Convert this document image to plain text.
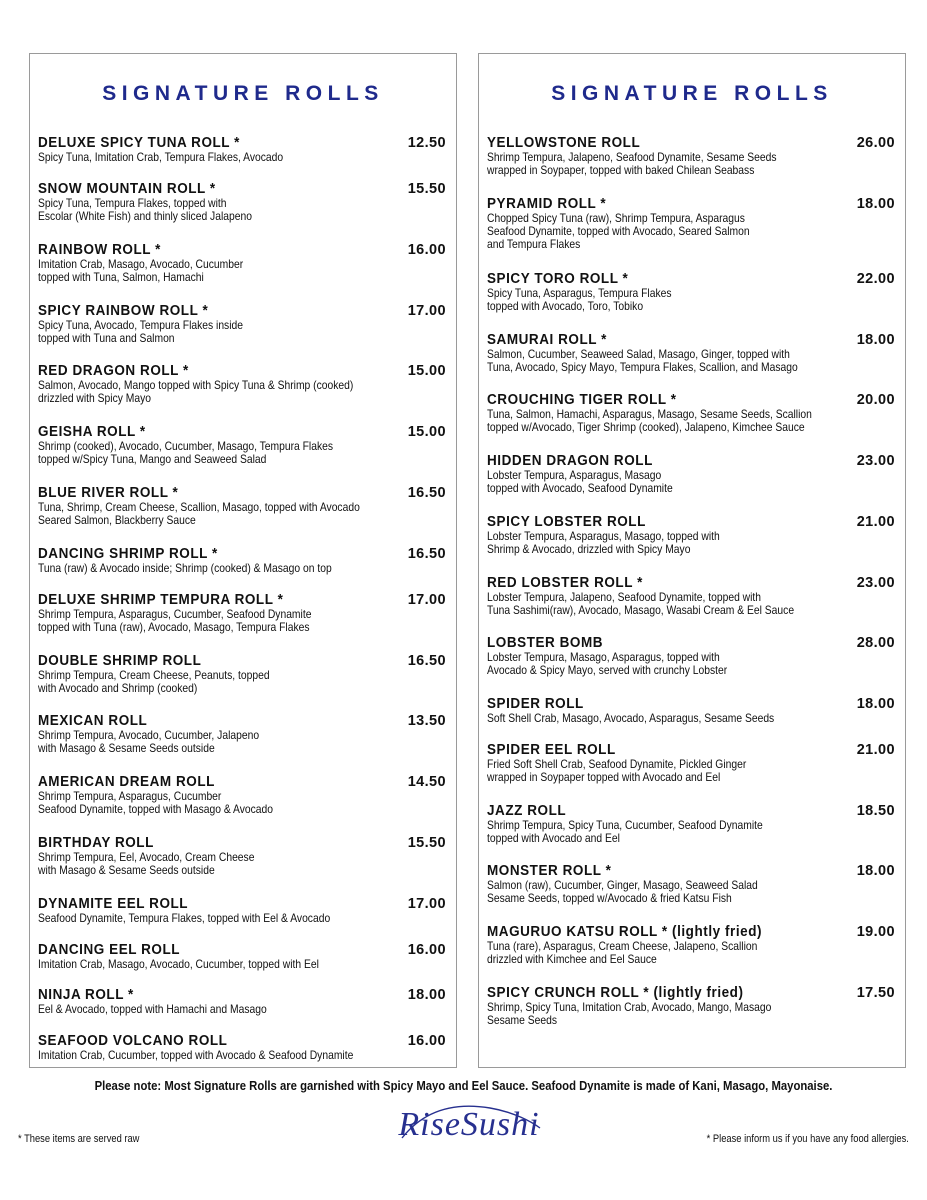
SIGNATURE ROLLS
DELUXE SPICY TUNA ROLL *	12.50
Spicy Tuna, Imitation Crab, Tempura Flakes, Avocado
SNOW MOUNTAIN ROLL *	15.50
Spicy Tuna, Tempura Flakes, topped with
Escolar (White Fish) and thinly sliced Jalapeno
RAINBOW ROLL *	16.00
Imitation Crab, Masago, Avocado, Cucumber
topped with Tuna, Salmon, Hamachi
SPICY RAINBOW ROLL *	17.00
Spicy Tuna, Avocado, Tempura Flakes inside
topped with Tuna and Salmon
RED DRAGON ROLL *	15.00
Salmon, Avocado, Mango topped with Spicy Tuna & Shrimp (cooked)
drizzled with Spicy Mayo
GEISHA ROLL *	15.00
Shrimp (cooked), Avocado, Cucumber, Masago, Tempura Flakes
topped w/Spicy Tuna, Mango and Seaweed Salad
BLUE RIVER ROLL *	16.50
Tuna, Shrimp, Cream Cheese, Scallion, Masago, topped with Avocado
Seared Salmon, Blackberry Sauce
DANCING SHRIMP ROLL *	16.50
Tuna (raw) & Avocado inside; Shrimp (cooked) & Masago on top
DELUXE SHRIMP TEMPURA ROLL *	17.00
Shrimp Tempura, Asparagus, Cucumber, Seafood Dynamite
topped with Tuna (raw), Avocado, Masago, Tempura Flakes
DOUBLE SHRIMP ROLL	16.50
Shrimp Tempura, Cream Cheese, Peanuts, topped
with Avocado and Shrimp (cooked)
MEXICAN ROLL	13.50
Shrimp Tempura, Avocado, Cucumber, Jalapeno
with Masago & Sesame Seeds outside
AMERICAN DREAM ROLL	14.50
Shrimp Tempura, Asparagus, Cucumber
Seafood Dynamite, topped with Masago & Avocado
BIRTHDAY ROLL	15.50
Shrimp Tempura, Eel, Avocado, Cream Cheese
with Masago & Sesame Seeds outside
DYNAMITE EEL ROLL	17.00
Seafood Dynamite, Tempura Flakes, topped with Eel & Avocado
DANCING EEL ROLL	16.00
Imitation Crab, Masago, Avocado, Cucumber, topped with Eel
NINJA ROLL *	18.00
Eel & Avocado, topped with Hamachi and Masago
SEAFOOD VOLCANO ROLL	16.00
Imitation Crab, Cucumber, topped with Avocado & Seafood Dynamite
SIGNATURE ROLLS
YELLOWSTONE ROLL	26.00
Shrimp Tempura, Jalapeno, Seafood Dynamite, Sesame Seeds
wrapped in Soypaper, topped with baked Chilean Seabass
PYRAMID ROLL *	18.00
Chopped Spicy Tuna (raw), Shrimp Tempura, Asparagus
Seafood Dynamite, topped with Avocado, Seared Salmon
and Tempura Flakes
SPICY TORO ROLL *	22.00
Spicy Tuna, Asparagus, Tempura Flakes
topped with Avocado, Toro, Tobiko
SAMURAI ROLL *	18.00
Salmon, Cucumber, Seaweed Salad, Masago, Ginger, topped with
Tuna, Avocado, Spicy Mayo, Tempura Flakes, Scallion, and Masago
CROUCHING TIGER ROLL *	20.00
Tuna, Salmon, Hamachi, Asparagus, Masago, Sesame Seeds, Scallion
topped w/Avocado, Tiger Shrimp (cooked), Jalapeno, Kimchee Sauce
HIDDEN DRAGON ROLL	23.00
Lobster Tempura, Asparagus, Masago
topped with Avocado, Seafood Dynamite
SPICY LOBSTER ROLL	21.00
Lobster Tempura, Asparagus, Masago, topped with
Shrimp & Avocado, drizzled with Spicy Mayo
RED LOBSTER ROLL *	23.00
Lobster Tempura, Jalapeno, Seafood Dynamite, topped with
Tuna Sashimi(raw), Avocado, Masago, Wasabi Cream & Eel Sauce
LOBSTER BOMB	28.00
Lobster Tempura, Masago, Asparagus, topped with
Avocado & Spicy Mayo, served with crunchy Lobster
SPIDER ROLL	18.00
Soft Shell Crab, Masago, Avocado, Asparagus, Sesame Seeds
SPIDER EEL ROLL	21.00
Fried Soft Shell Crab, Seafood Dynamite, Pickled Ginger
wrapped in Soypaper topped with Avocado and Eel
JAZZ ROLL	18.50
Shrimp Tempura, Spicy Tuna, Cucumber, Seafood Dynamite
topped with Avocado and Eel
MONSTER ROLL *	18.00
Salmon (raw), Cucumber, Ginger, Masago, Seaweed Salad
Sesame Seeds, topped w/Avocado & fried Katsu Fish
MAGURUO KATSU ROLL * (lightly fried)	19.00
Tuna (rare), Asparagus, Cream Cheese, Jalapeno, Scallion
drizzled with Kimchee and Eel Sauce
SPICY CRUNCH ROLL * (lightly fried)	17.50
Shrimp, Spicy Tuna, Imitation Crab, Avocado, Mango, Masago
Sesame Seeds
Please note: Most Signature Rolls are garnished with Spicy Mayo and Eel Sauce. Seafood Dynamite is made of Kani, Masago, Mayonaise.
* These items are served raw	RiseSushi	* Please inform us if you have any food allergies.
